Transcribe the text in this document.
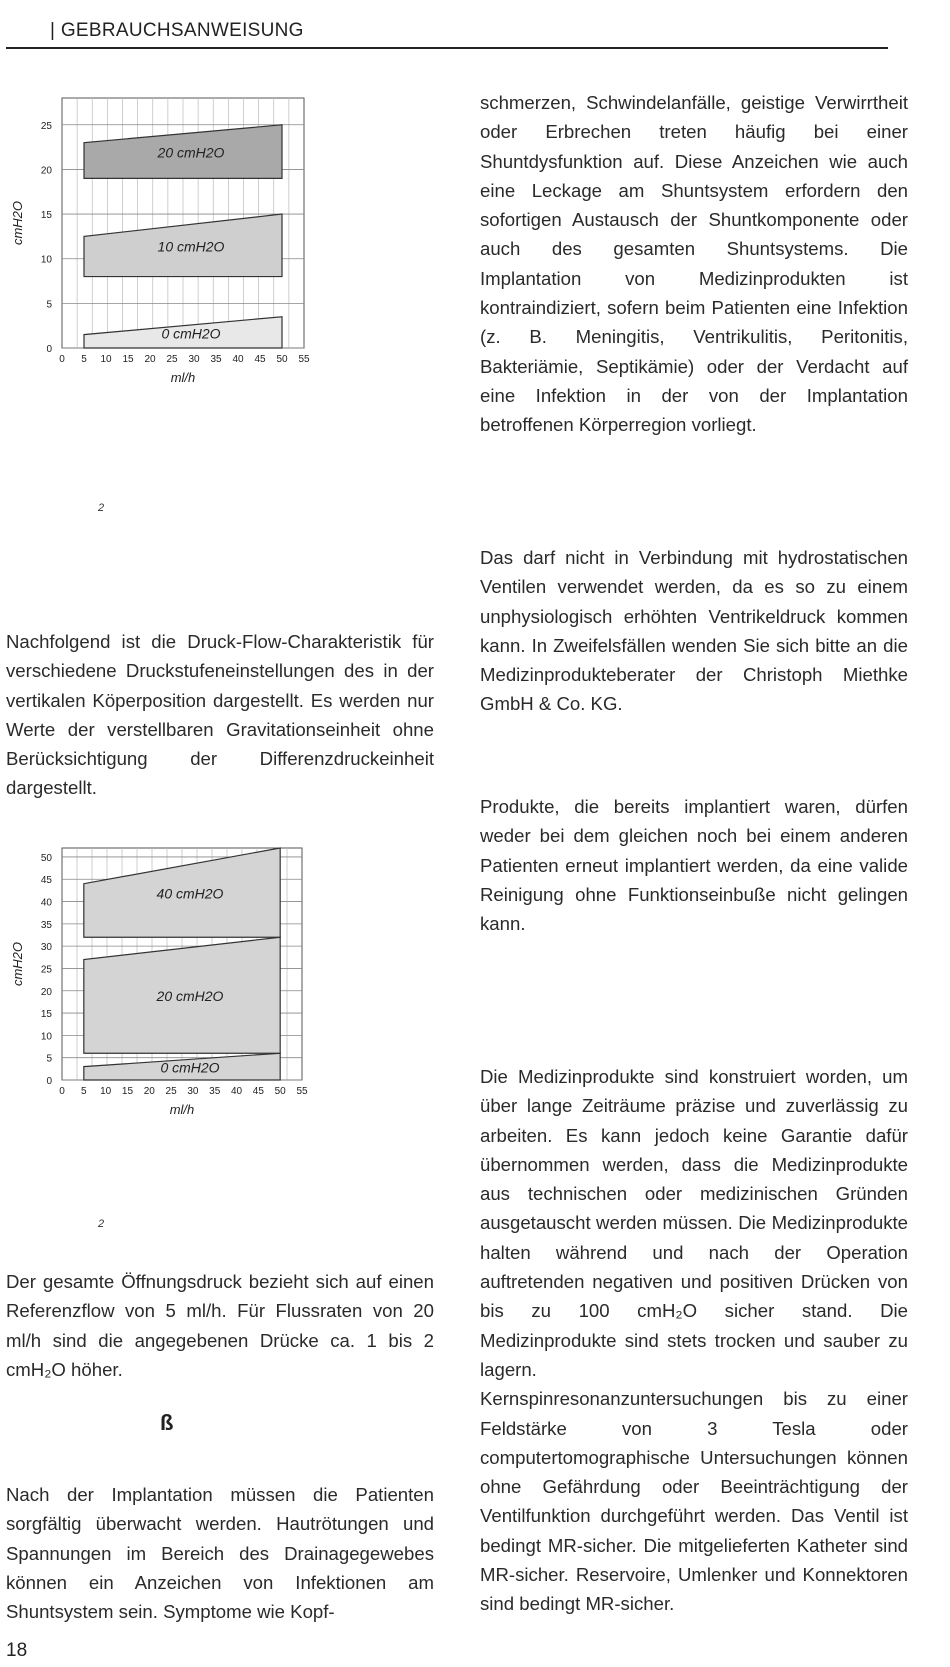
| GEBRAUCHSANWEISUNG
0 cmH2O
10 cmH2O
20 cmH2O
0 5 10 15 20 25 30 35 40 45 50 55
0
5
10
15
20
25
ml/h
cmH2O

schmerzen, Schwindelanfälle, geistige Verwirrtheit oder Erbrechen treten häufig bei einer Shuntdysfunktion auf. Diese Anzeichen wie auch eine Leckage am Shuntsystem erfordern den sofortigen Austausch der Shuntkomponente oder auch des gesamten Shuntsystems. Die Implantation von Medizinprodukten ist kontraindiziert, sofern beim Patienten eine Infektion (z. B. Meningitis, Ventrikulitis, Peritonitis, Bakteriämie, Septikämie) oder der Verdacht auf eine Infektion in der von der Implantation betroffenen Körperregion vorliegt.

2

Nachfolgend ist die Druck-Flow-Charakteristik für verschiedene Druckstufeneinstellungen des in der vertikalen Köperposition dargestellt. Es werden nur Werte der verstellbaren Gravitationseinheit ohne Berücksichtigung der Differenzdruckeinheit dargestellt.

Das darf nicht in Verbindung mit hydrostatischen Ventilen verwendet werden, da es so zu einem unphysiologisch erhöhten Ventrikeldruck kommen kann. In Zweifelsfällen wenden Sie sich bitte an die Medizinprodukteberater der Christoph Miethke GmbH & Co. KG.

Produkte, die bereits implantiert waren, dürfen weder bei dem gleichen noch bei einem anderen Patienten erneut implantiert werden, da eine valide Reinigung ohne Funktionseinbuße nicht gelingen kann.

0 cmH2O
20 cmH2O
40 cmH2O
0 5 10 15 20 25 30 35 40 45 50 55
0
5
10
15
20
25
30
35
40
45
50
ml/h
cmH2O
2

Die Medizinprodukte sind konstruiert worden, um über lange Zeiträume präzise und zuverlässig zu arbeiten. Es kann jedoch keine Garantie dafür übernommen werden, dass die Medizinprodukte aus technischen oder medizinischen Gründen ausgetauscht werden müssen. Die Medizinprodukte halten während und nach der Operation auftretenden negativen und positiven Drücken von bis zu 100 cmH₂O sicher stand. Die Medizinprodukte sind stets trocken und sauber zu lagern.

Kernspinresonanzuntersuchungen bis zu einer Feldstärke von 3 Tesla oder computertomographische Untersuchungen können ohne Gefährdung oder Beeinträchtigung der Ventilfunktion durchgeführt werden. Das Ventil ist bedingt MR-sicher. Die mitgelieferten Katheter sind MR-sicher. Reservoire, Umlenker und Konnektoren sind bedingt MR-sicher.

Der gesamte Öffnungsdruck bezieht sich auf einen Referenzflow von 5 ml/h. Für Flussraten von 20 ml/h sind die angegebenen Drücke ca. 1 bis 2 cmH₂O höher.

ß

Nach der Implantation müssen die Patienten sorgfältig überwacht werden. Hautrötungen und Spannungen im Bereich des Drainagegewebes können ein Anzeichen von Infektionen am Shuntsystem sein. Symptome wie Kopf-

18
